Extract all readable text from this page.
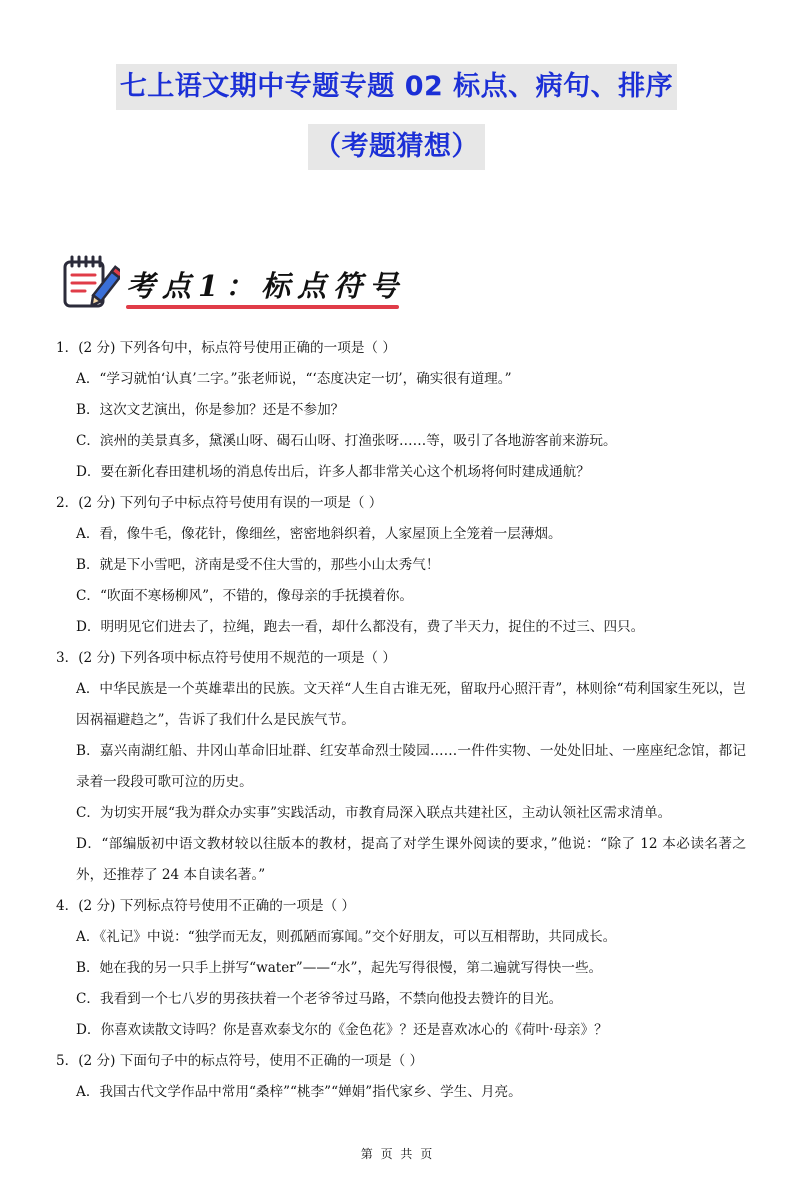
七上语文期中专题专题 02 标点、病句、排序
（考题猜想）
考点1：标点符号

1．(2 分) 下列各句中，标点符号使用正确的一项是（ ）

A．“学习就怕‘认真’二字。”张老师说，“‘态度决定一切’，确实很有道理。”

B．这次文艺演出，你是参加？还是不参加？

C．滨州的美景真多，黛溪山呀、碣石山呀、打渔张呀……等，吸引了各地游客前来游玩。

D．要在新化春田建机场的消息传出后，许多人都非常关心这个机场将何时建成通航？

2．(2 分) 下列句子中标点符号使用有误的一项是（ ）

A．看，像牛毛，像花针，像细丝，密密地斜织着，人家屋顶上全笼着一层薄烟。

B．就是下小雪吧，济南是受不住大雪的，那些小山太秀气！

C．“吹面不寒杨柳风”，不错的，像母亲的手抚摸着你。

D．明明见它们进去了，拉绳，跑去一看，却什么都没有，费了半天力，捉住的不过三、四只。

3．(2 分) 下列各项中标点符号使用不规范的一项是（ ）

A．中华民族是一个英雄辈出的民族。文天祥“人生自古谁无死，留取丹心照汗青”，林则徐“苟利国家生死以，岂因祸福避趋之”，告诉了我们什么是民族气节。

B．嘉兴南湖红船、井冈山革命旧址群、红安革命烈士陵园……一件件实物、一处处旧址、一座座纪念馆，都记录着一段段可歌可泣的历史。

C．为切实开展“我为群众办实事”实践活动，市教育局深入联点共建社区，主动认领社区需求清单。

D．“部编版初中语文教材较以往版本的教材，提高了对学生课外阅读的要求，”他说：“除了 12 本必读名著之外，还推荐了 24 本自读名著。”

4．(2 分) 下列标点符号使用不正确的一项是（ ）

A．《礼记》中说：“独学而无友，则孤陋而寡闻。”交个好朋友，可以互相帮助，共同成长。

B．她在我的另一只手上拼写“water”——“水”，起先写得很慢，第二遍就写得快一些。

C．我看到一个七八岁的男孩扶着一个老爷爷过马路，不禁向他投去赞许的目光。

D．你喜欢读散文诗吗？你是喜欢泰戈尔的《金色花》？还是喜欢冰心的《荷叶·母亲》？

5．(2 分) 下面句子中的标点符号，使用不正确的一项是（ ）

A．我国古代文学作品中常用“桑梓”“桃李”“婵娟”指代家乡、学生、月亮。

第 页 共 页
